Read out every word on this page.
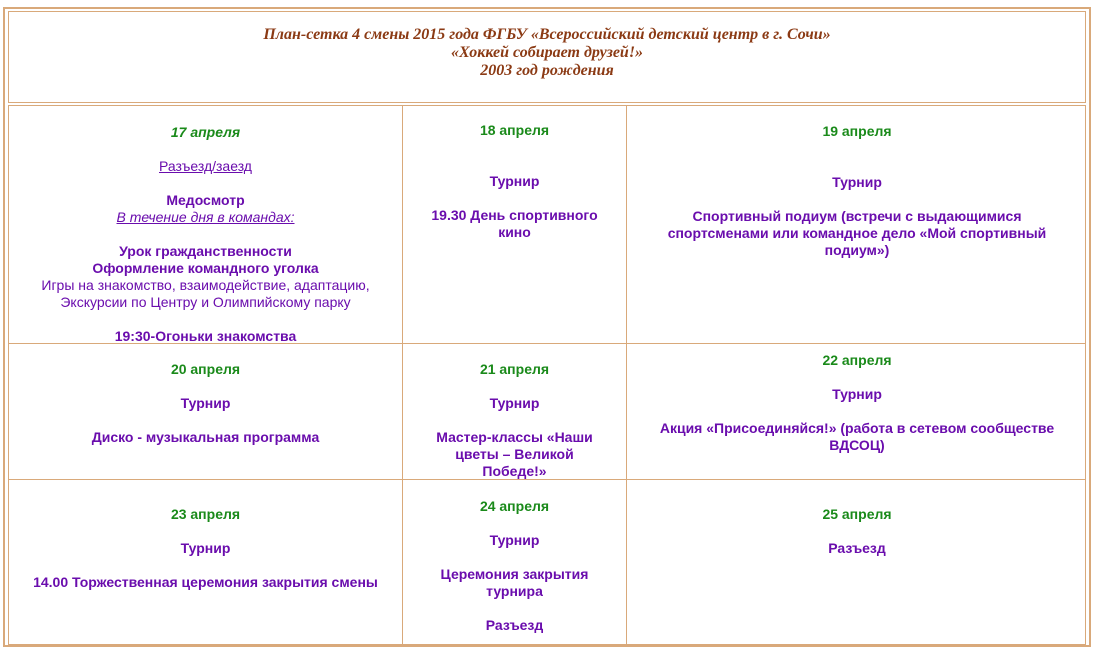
План-сетка 4 смены 2015 года ФГБУ «Всероссийский детский центр в г. Сочи»
«Хоккей собирает друзей!»
2003 год рождения
17 апреля
Разъезд/заезд
Медосмотр
В течение дня в командах:
Урок гражданственности
Оформление командного уголка
Игры на знакомство, взаимодействие, адаптацию,
Экскурсии по Центру и Олимпийскому парку
19:30-Огоньки знакомства
18 апреля
Турнир
19.30 День спортивного кино
19 апреля
Турнир
Спортивный подиум (встречи с выдающимися спортсменами или командное дело «Мой спортивный подиум»)
20 апреля
Турнир
Диско - музыкальная программа
21 апреля
Турнир
Мастер-классы «Наши цветы – Великой Победе!»
22 апреля
Турнир
Акция «Присоединяйся!» (работа в сетевом сообществе ВДСОЦ)
23 апреля
Турнир
14.00 Торжественная церемония закрытия смены
24 апреля
Турнир
Церемония закрытия турнира
Разъезд
25 апреля
Разъезд
